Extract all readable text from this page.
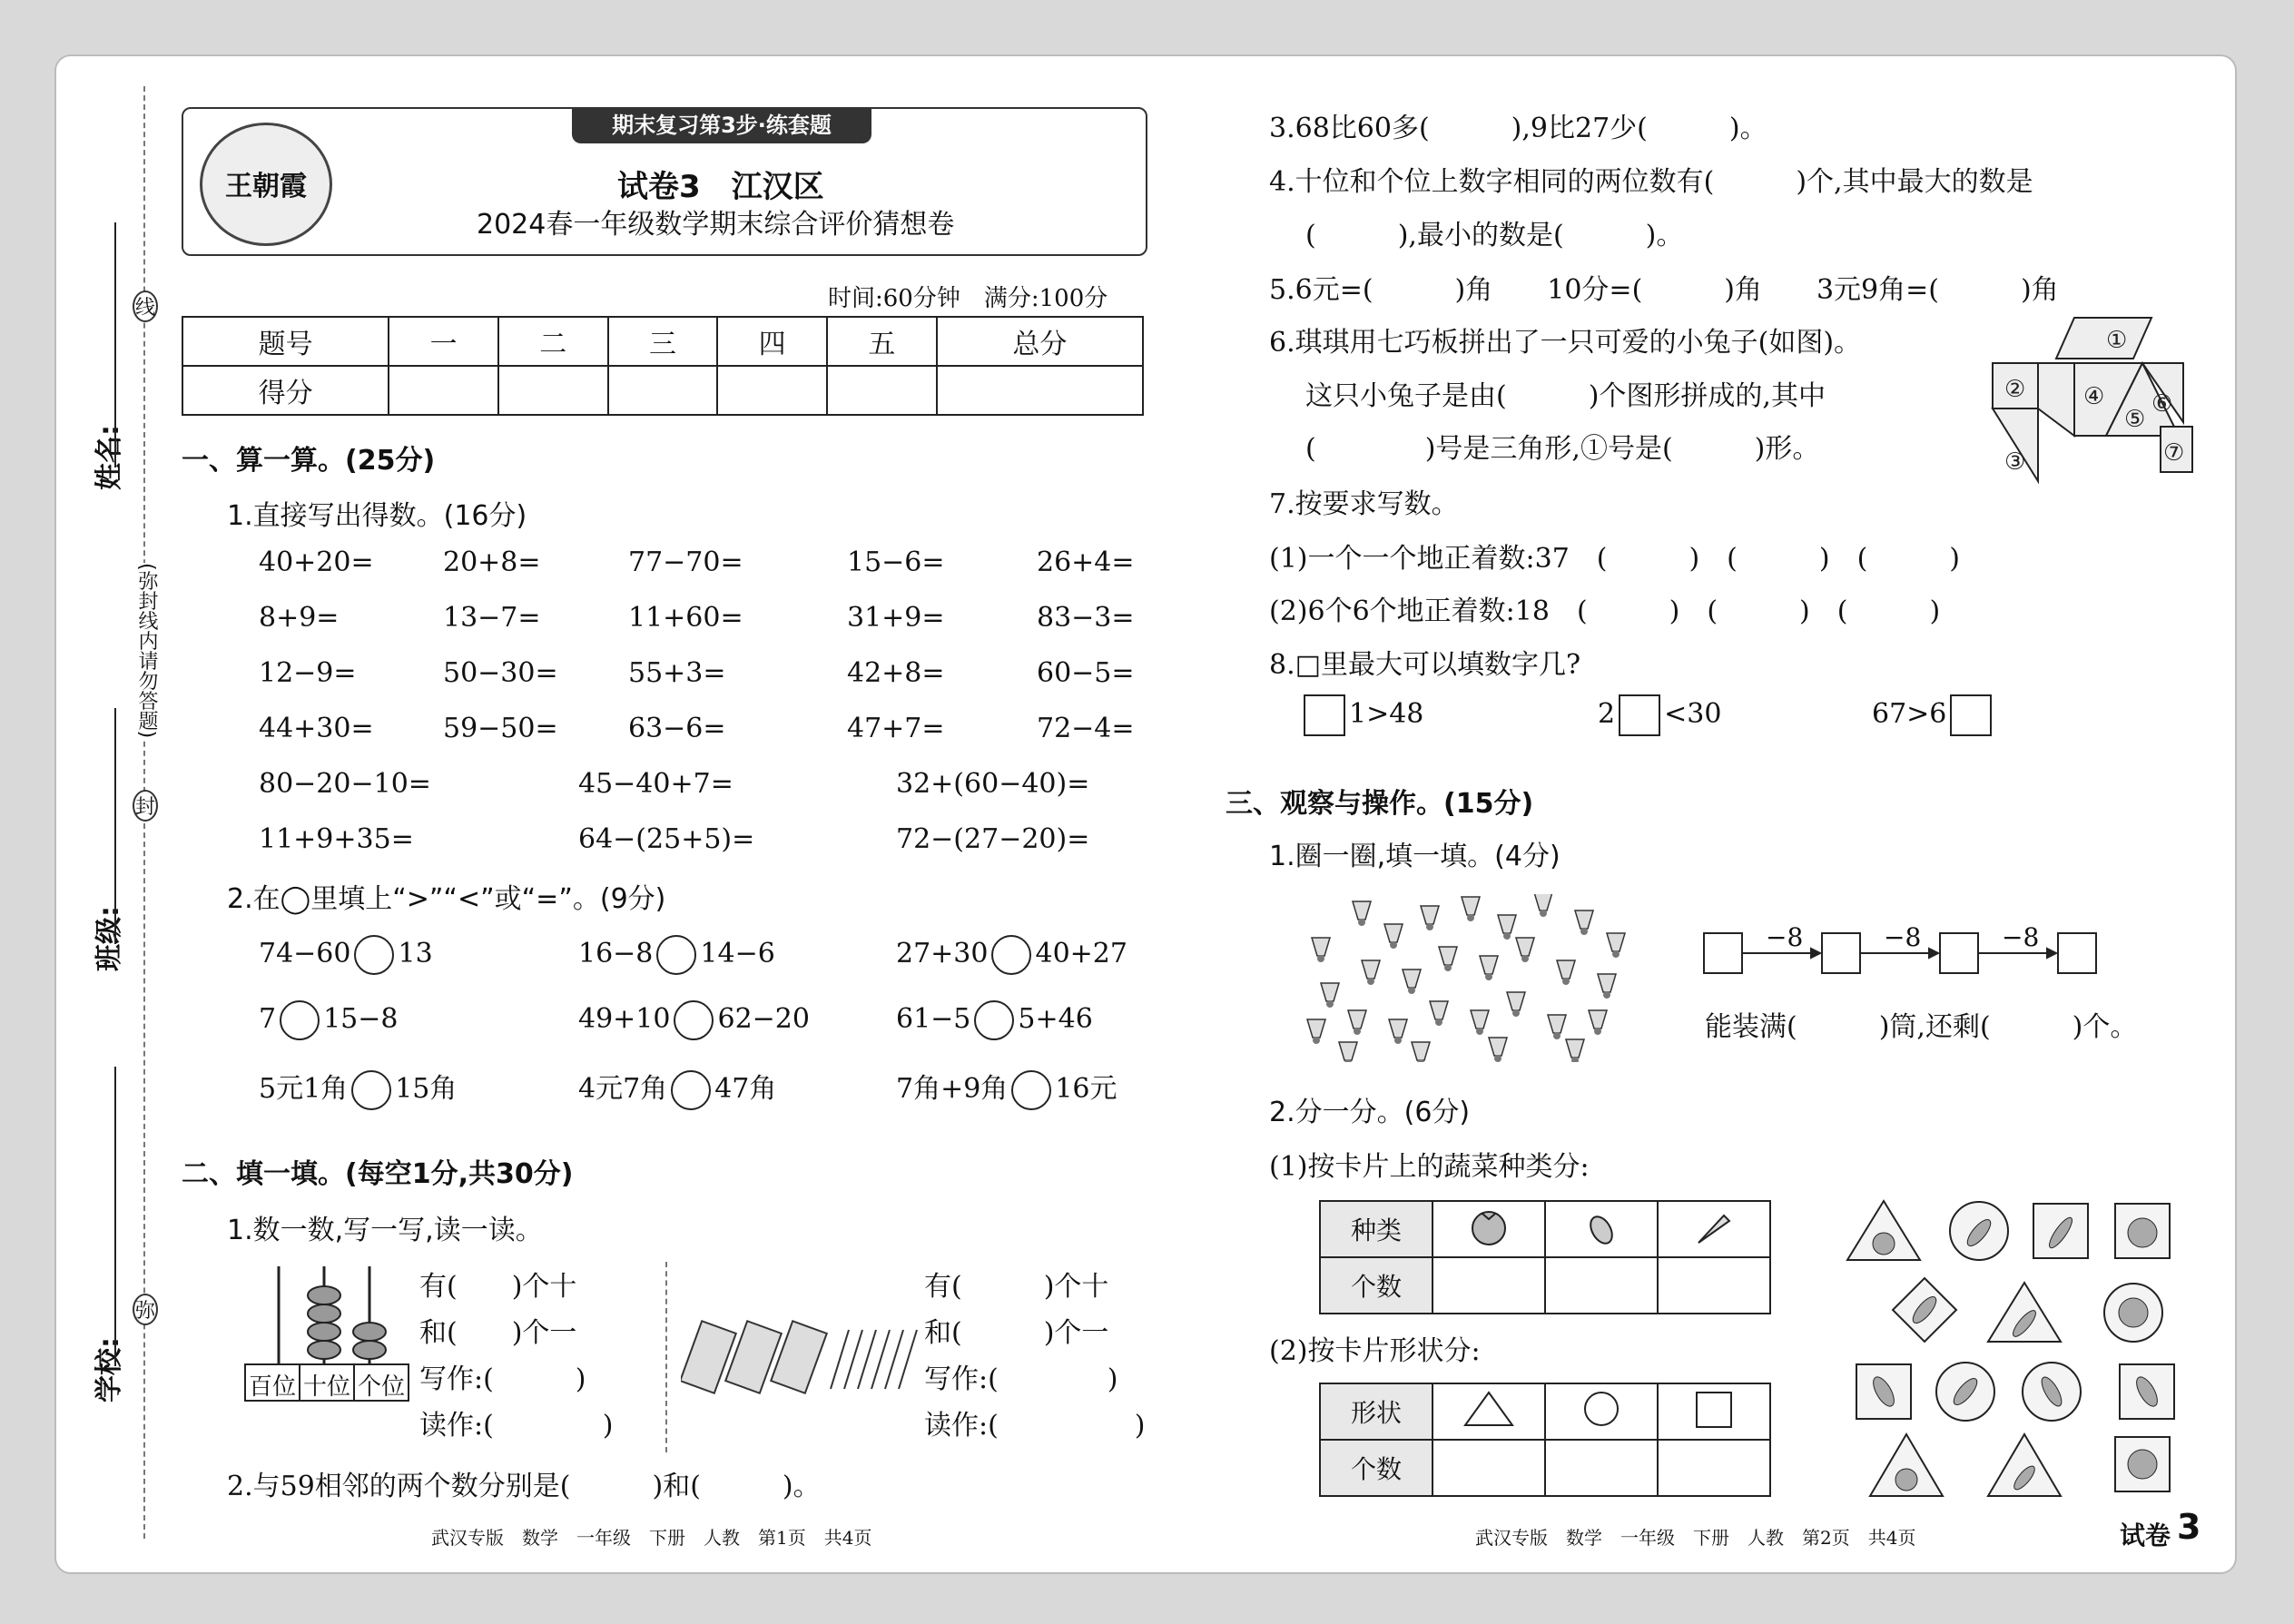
姓名:
班级:
学校:
(弥封线内请勿答题)
线
封
弥
期末复习第3步·练套题
王朝霞	试卷3　江汉区
2024春一年级数学期末综合评价猜想卷
时间:60分钟　满分:100分
题号	一	二	三	四	五	总分
得分						
一、算一算。(25分)
1.直接写出得数。(16分)
40+20=	20+8=	77−70=	15−6=	26+4=
8+9=	13−7=	11+60=	31+9=	83−3=
12−9=	50−30=	55+3=	42+8=	60−5=
44+30=	59−50=	63−6=	47+7=	72−4=
80−20−10=	45−40+7=	32+(60−40)=
11+9+35=	64−(25+5)=	72−(27−20)=
2.在◯里填上“>”“<”或“=”。(9分)
74−60 13	16−8 14−6	27+30 40+27
7 15−8	49+10 62−20	61−5 5+46
5元1角 15角	4元7角 47角	7角+9角 16元
二、填一填。(每空1分,共30分)
1.数一数,写一写,读一读。
百位 十位 个位
有(　　)个十
和(　　)个一
写作:(　　　)
读作:(　　　　)
有(　　　)个十
和(　　　)个一
写作:(　　　　)
读作:(　　　　　)
2.与59相邻的两个数分别是(　　　)和(　　　)。
3.68比60多(　　　),9比27少(　　　)。
4.十位和个位上数字相同的两位数有(　　　)个,其中最大的数是
(　　　),最小的数是(　　　)。
5.6元=(　　　)角　　10分=(　　　)角　　3元9角=(　　　)角
6.琪琪用七巧板拼出了一只可爱的小兔子(如图)。
这只小兔子是由(　　　)个图形拼成的,其中
(　　　　)号是三角形,①号是(　　　)形。
①
②
③
④
⑤
⑥
⑦
7.按要求写数。
(1)一个一个地正着数:37　(　　　)　(　　　)　(　　　)
(2)6个6个地正着数:18　(　　　)　(　　　)　(　　　)
8.□里最大可以填数字几?
1>48	2 <30	67>6
三、观察与操作。(15分)
1.圈一圈,填一填。(4分)
−8	−8	−8
能装满(　　　)筒,还剩(　　　)个。
2.分一分。(6分)
(1)按卡片上的蔬菜种类分:
种类			
个数			
(2)按卡片形状分:
形状			
个数			
武汉专版　数学　一年级　下册　人教　第1页　共4页	武汉专版　数学　一年级　下册　人教　第2页　共4页	试卷 3
